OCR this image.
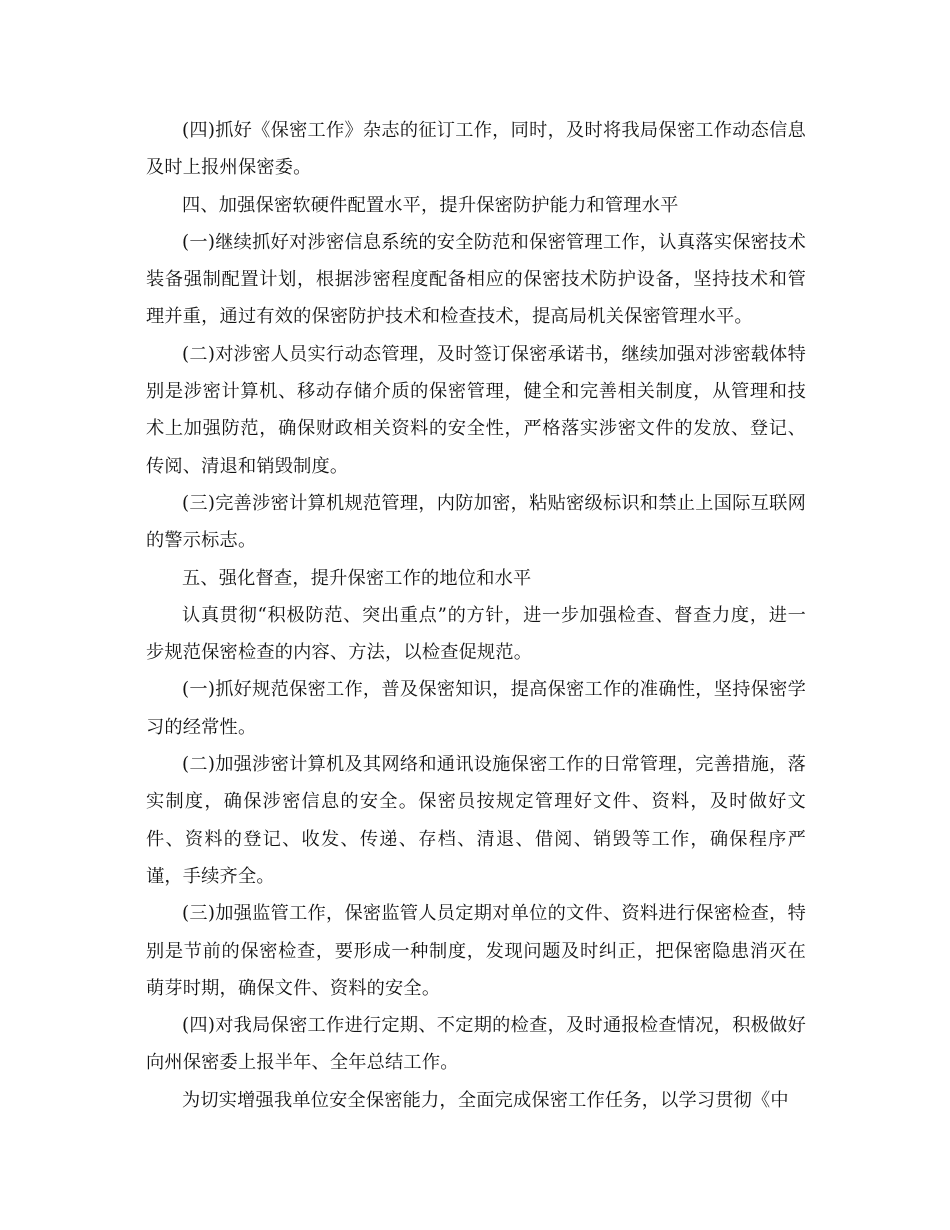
(四)抓好《保密工作》杂志的征订工作，同时，及时将我局保密工作动态信息及时上报州保密委。

四、加强保密软硬件配置水平，提升保密防护能力和管理水平

(一)继续抓好对涉密信息系统的安全防范和保密管理工作，认真落实保密技术装备强制配置计划，根据涉密程度配备相应的保密技术防护设备，坚持技术和管理并重，通过有效的保密防护技术和检查技术，提高局机关保密管理水平。

(二)对涉密人员实行动态管理，及时签订保密承诺书，继续加强对涉密载体特别是涉密计算机、移动存储介质的保密管理，健全和完善相关制度，从管理和技术上加强防范，确保财政相关资料的安全性，严格落实涉密文件的发放、登记、传阅、清退和销毁制度。

(三)完善涉密计算机规范管理，内防加密，粘贴密级标识和禁止上国际互联网的警示标志。

五、强化督查，提升保密工作的地位和水平

认真贯彻“积极防范、突出重点”的方针，进一步加强检查、督查力度，进一步规范保密检查的内容、方法，以检查促规范。

(一)抓好规范保密工作，普及保密知识，提高保密工作的准确性，坚持保密学习的经常性。

(二)加强涉密计算机及其网络和通讯设施保密工作的日常管理，完善措施，落实制度，确保涉密信息的安全。保密员按规定管理好文件、资料，及时做好文件、资料的登记、收发、传递、存档、清退、借阅、销毁等工作，确保程序严谨，手续齐全。

(三)加强监管工作，保密监管人员定期对单位的文件、资料进行保密检查，特别是节前的保密检查，要形成一种制度，发现问题及时纠正，把保密隐患消灭在萌芽时期，确保文件、资料的安全。

(四)对我局保密工作进行定期、不定期的检查，及时通报检查情况，积极做好向州保密委上报半年、全年总结工作。

为切实增强我单位安全保密能力，全面完成保密工作任务，以学习贯彻《中
